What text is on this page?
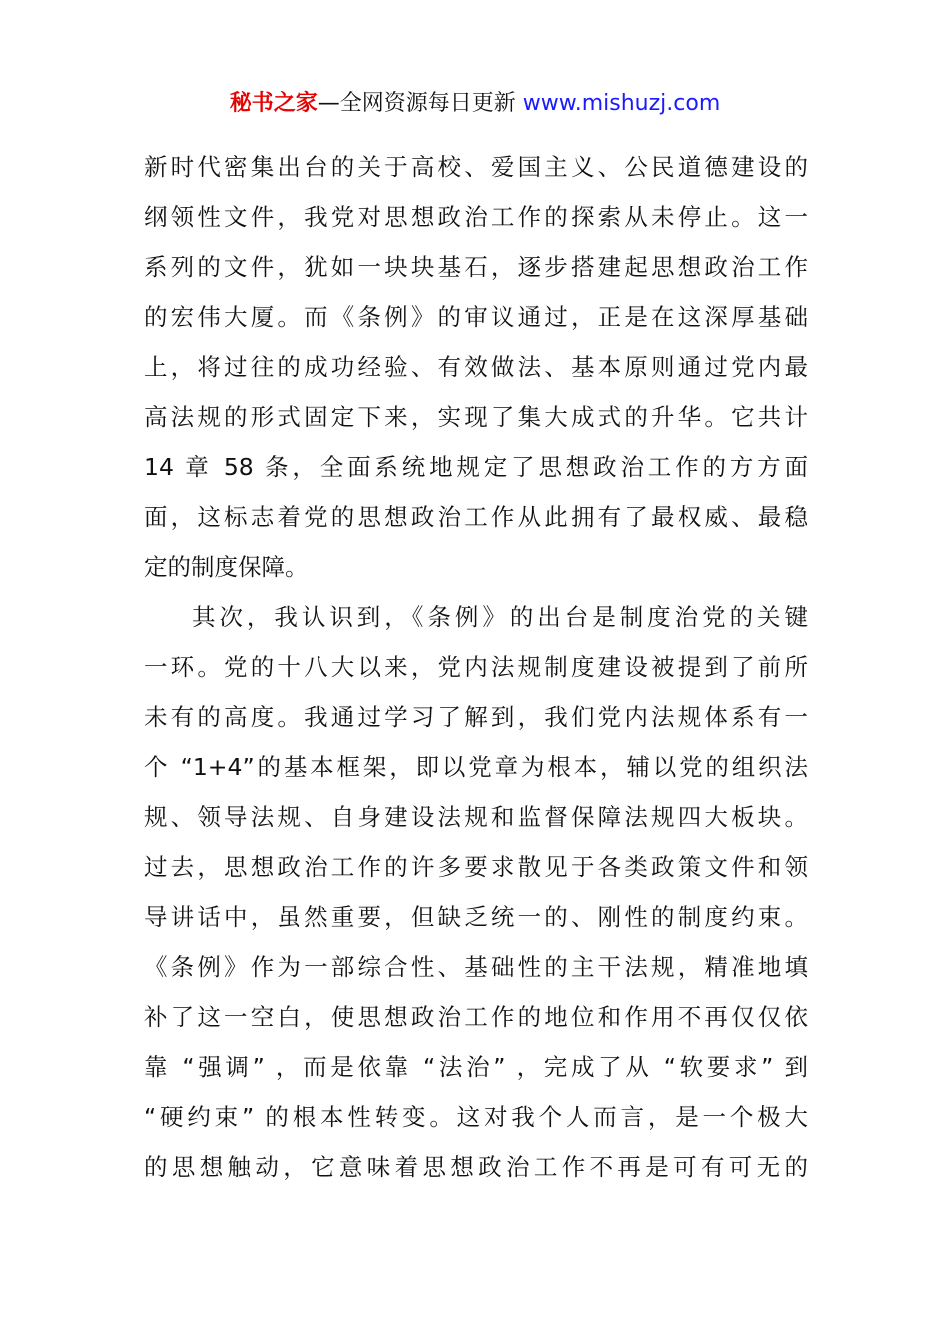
秘书之家—全网资源每日更新 www.mishuzj.com
新时代密集出台的关于高校、爱国主义、公民道德建设的
纲领性文件，我党对思想政治工作的探索从未停止。这一
系列的文件，犹如一块块基石，逐步搭建起思想政治工作
的宏伟大厦。而《条例》的审议通过，正是在这深厚基础
上，将过往的成功经验、有效做法、基本原则通过党内最
高法规的形式固定下来，实现了集大成式的升华。它共计
14 章 58 条，全面系统地规定了思想政治工作的方方面
面，这标志着党的思想政治工作从此拥有了最权威、最稳
定的制度保障。
其次，我认识到，《条例》的出台是制度治党的关键
一环。党的十八大以来，党内法规制度建设被提到了前所
未有的高度。我通过学习了解到，我们党内法规体系有一
个 “1+4”的基本框架，即以党章为根本，辅以党的组织法
规、领导法规、自身建设法规和监督保障法规四大板块。
过去，思想政治工作的许多要求散见于各类政策文件和领
导讲话中，虽然重要，但缺乏统一的、刚性的制度约束。
《条例》作为一部综合性、基础性的主干法规，精准地填
补了这一空白，使思想政治工作的地位和作用不再仅仅依
靠 “强调” ，而是依靠 “法治” ，完成了从 “软要求” 到
“硬约束” 的根本性转变。这对我个人而言，是一个极大
的思想触动，它意味着思想政治工作不再是可有可无的
